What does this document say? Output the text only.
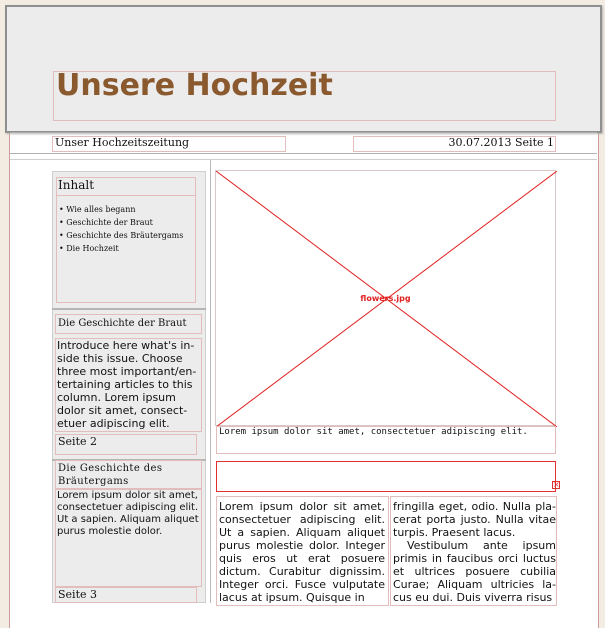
Unsere Hochzeit
Unser Hochzeitszeitung	30.07.2013 Seite 1
Inhalt
• Wie alles begann
• Geschichte der Braut
• Geschichte des Bräutergams
• Die Hochzeit
Die Geschichte der Braut
Introduce here what's in-side this issue. Choose three most important/en-tertaining articles to this column. Lorem ipsum dolor sit amet, consect-etuer adipiscing elit.
Seite 2
Die Geschichte des Bräutergams
Lorem ipsum dolor sit amet, consectetuer adipiscing elit. Ut a sapien. Aliquam aliquet purus molestie dolor.
Seite 3
flowers.jpg
Lorem ipsum dolor sit amet, consectetuer adipiscing elit.
×

Lorem ipsum dolor sit amet, consectetuer adipiscing elit. Ut a sapien. Aliquam aliquet purus molestie dolor. Integer quis eros ut erat posuere dictum. Curabitur dignissim. Integer orci. Fusce vulputate lacus at ipsum. Quisque in

fringilla eget, odio. Nulla pla-cerat porta justo. Nulla vitae turpis. Praesent lacus.

Vestibulum ante ipsum primis in faucibus orci luctus et ultrices posuere cubilia Curae; Aliquam ultricies la-cus eu dui. Duis viverra risus
